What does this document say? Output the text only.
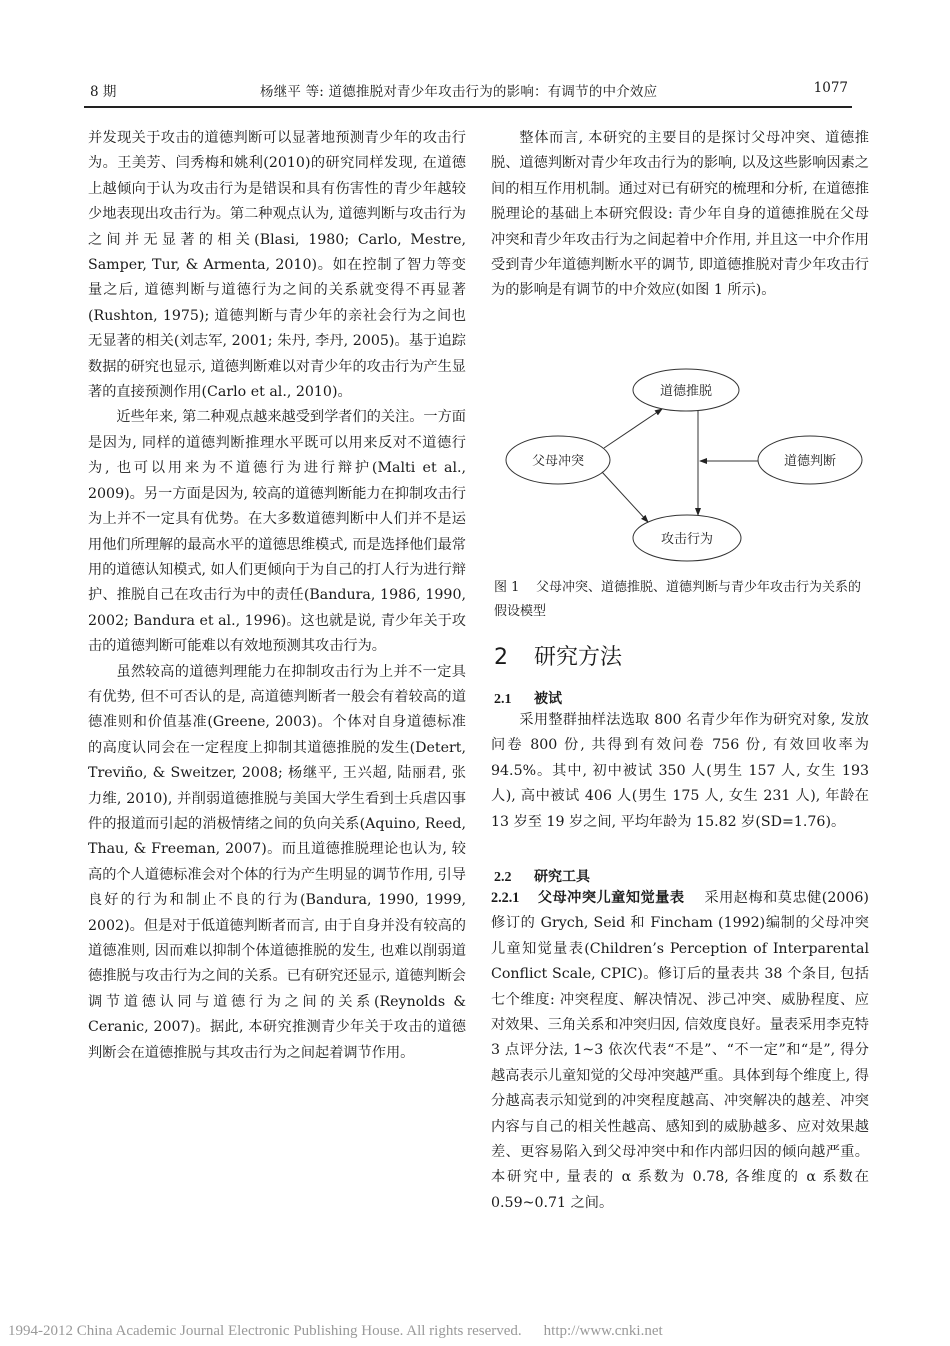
8 期	杨继平 等: 道德推脱对青少年攻击行为的影响：有调节的中介效应	1077

并发现关于攻击的道德判断可以显著地预测青少年的攻击行为。王美芳、闫秀梅和姚利(2010)的研究同样发现, 在道德上越倾向于认为攻击行为是错误和具有伤害性的青少年越较少地表现出攻击行为。第二种观点认为, 道德判断与攻击行为之间并无显著的相关(Blasi, 1980; Carlo, Mestre, Samper, Tur, & Armenta, 2010)。如在控制了智力等变量之后, 道德判断与道德行为之间的关系就变得不再显著(Rushton, 1975); 道德判断与青少年的亲社会行为之间也无显著的相关(刘志军, 2001; 朱丹, 李丹, 2005)。基于追踪数据的研究也显示, 道德判断难以对青少年的攻击行为产生显著的直接预测作用(Carlo et al., 2010)。

近些年来, 第二种观点越来越受到学者们的关注。一方面是因为, 同样的道德判断推理水平既可以用来反对不道德行为, 也可以用来为不道德行为进行辩护(Malti et al., 2009)。另一方面是因为, 较高的道德判断能力在抑制攻击行为上并不一定具有优势。在大多数道德判断中人们并不是运用他们所理解的最高水平的道德思维模式, 而是选择他们最常用的道德认知模式, 如人们更倾向于为自己的打人行为进行辩护、推脱自己在攻击行为中的责任(Bandura, 1986, 1990, 2002; Bandura et al., 1996)。这也就是说, 青少年关于攻击的道德判断可能难以有效地预测其攻击行为。

虽然较高的道德判理能力在抑制攻击行为上并不一定具有优势, 但不可否认的是, 高道德判断者一般会有着较高的道德准则和价值基准(Greene, 2003)。个体对自身道德标准的高度认同会在一定程度上抑制其道德推脱的发生(Detert, Treviño, & Sweitzer, 2008; 杨继平, 王兴超, 陆丽君, 张力维, 2010), 并削弱道德推脱与美国大学生看到士兵虐囚事件的报道而引起的消极情绪之间的负向关系(Aquino, Reed, Thau, & Freeman, 2007)。而且道德推脱理论也认为, 较高的个人道德标准会对个体的行为产生明显的调节作用, 引导良好的行为和制止不良的行为(Bandura, 1990, 1999, 2002)。但是对于低道德判断者而言, 由于自身并没有较高的道德准则, 因而难以抑制个体道德推脱的发生, 也难以削弱道德推脱与攻击行为之间的关系。已有研究还显示, 道德判断会调节道德认同与道德行为之间的关系(Reynolds & Ceranic, 2007)。据此, 本研究推测青少年关于攻击的道德判断会在道德推脱与其攻击行为之间起着调节作用。

整体而言, 本研究的主要目的是探讨父母冲突、道德推脱、道德判断对青少年攻击行为的影响, 以及这些影响因素之间的相互作用机制。通过对已有研究的梳理和分析, 在道德推脱理论的基础上本研究假设: 青少年自身的道德推脱在父母冲突和青少年攻击行为之间起着中介作用, 并且这一中介作用受到青少年道德判断水平的调节, 即道德推脱对青少年攻击行为的影响是有调节的中介效应(如图 1 所示)。

道德推脱
父母冲突	道德判断
攻击行为
图 1 父母冲突、道德推脱、道德判断与青少年攻击行为关系的假设模型
2 研究方法
2.1 被试

采用整群抽样法选取 800 名青少年作为研究对象, 发放问卷 800 份, 共得到有效问卷 756 份, 有效回收率为 94.5%。其中, 初中被试 350 人(男生 157 人, 女生 193 人), 高中被试 406 人(男生 175 人, 女生 231 人), 年龄在 13 岁至 19 岁之间, 平均年龄为 15.82 岁(SD=1.76)。

2.2 研究工具

2.2.1 父母冲突儿童知觉量表 采用赵梅和莫忠健(2006)修订的 Grych, Seid 和 Fincham (1992)编制的父母冲突儿童知觉量表(Children’s Perception of Interparental Conflict Scale, CPIC)。修订后的量表共 38 个条目, 包括七个维度: 冲突程度、解决情况、涉己冲突、威胁程度、应对效果、三角关系和冲突归因, 信效度良好。量表采用李克特 3 点评分法, 1~3 依次代表“不是”、“不一定”和“是”, 得分越高表示儿童知觉的父母冲突越严重。具体到每个维度上, 得分越高表示知觉到的冲突程度越高、冲突解决的越差、冲突内容与自己的相关性越高、感知到的威胁越多、应对效果越差、更容易陷入到父母冲突中和作内部归因的倾向越严重。本研究中, 量表的 α 系数为 0.78, 各维度的 α 系数在 0.59~0.71 之间。

1994-2012 China Academic Journal Electronic Publishing House. All rights reserved. http://www.cnki.net
